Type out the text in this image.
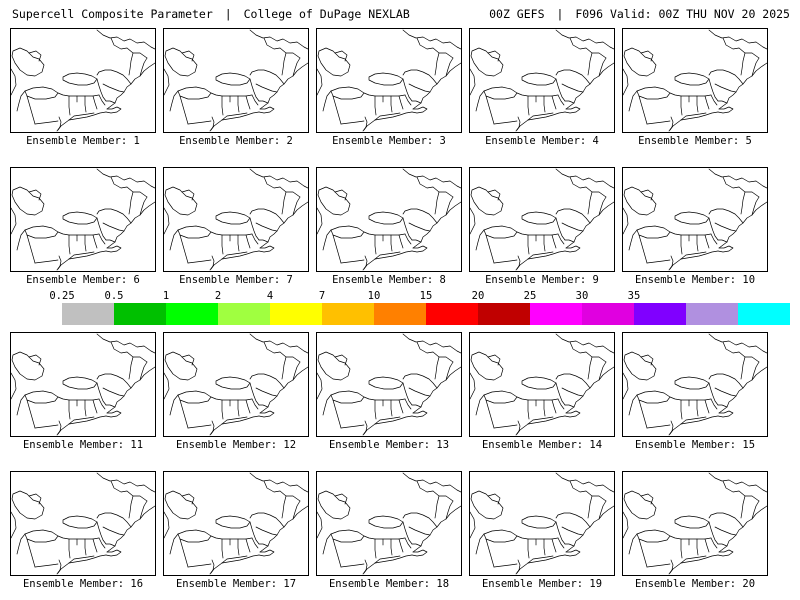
Supercell Composite Parameter | College of DuPage NEXLAB	00Z GEFS | F096 Valid: 00Z THU NOV 20 2025
Ensemble Member: 1	Ensemble Member: 2	Ensemble Member: 3	Ensemble Member: 4	Ensemble Member: 5
Ensemble Member: 6	Ensemble Member: 7	Ensemble Member: 8	Ensemble Member: 9	Ensemble Member: 10
Ensemble Member: 11	Ensemble Member: 12	Ensemble Member: 13	Ensemble Member: 14	Ensemble Member: 15
Ensemble Member: 16	Ensemble Member: 17	Ensemble Member: 18	Ensemble Member: 19	Ensemble Member: 20
0.25	0.5	1	2	4	7	10	15	20	25	30	35
